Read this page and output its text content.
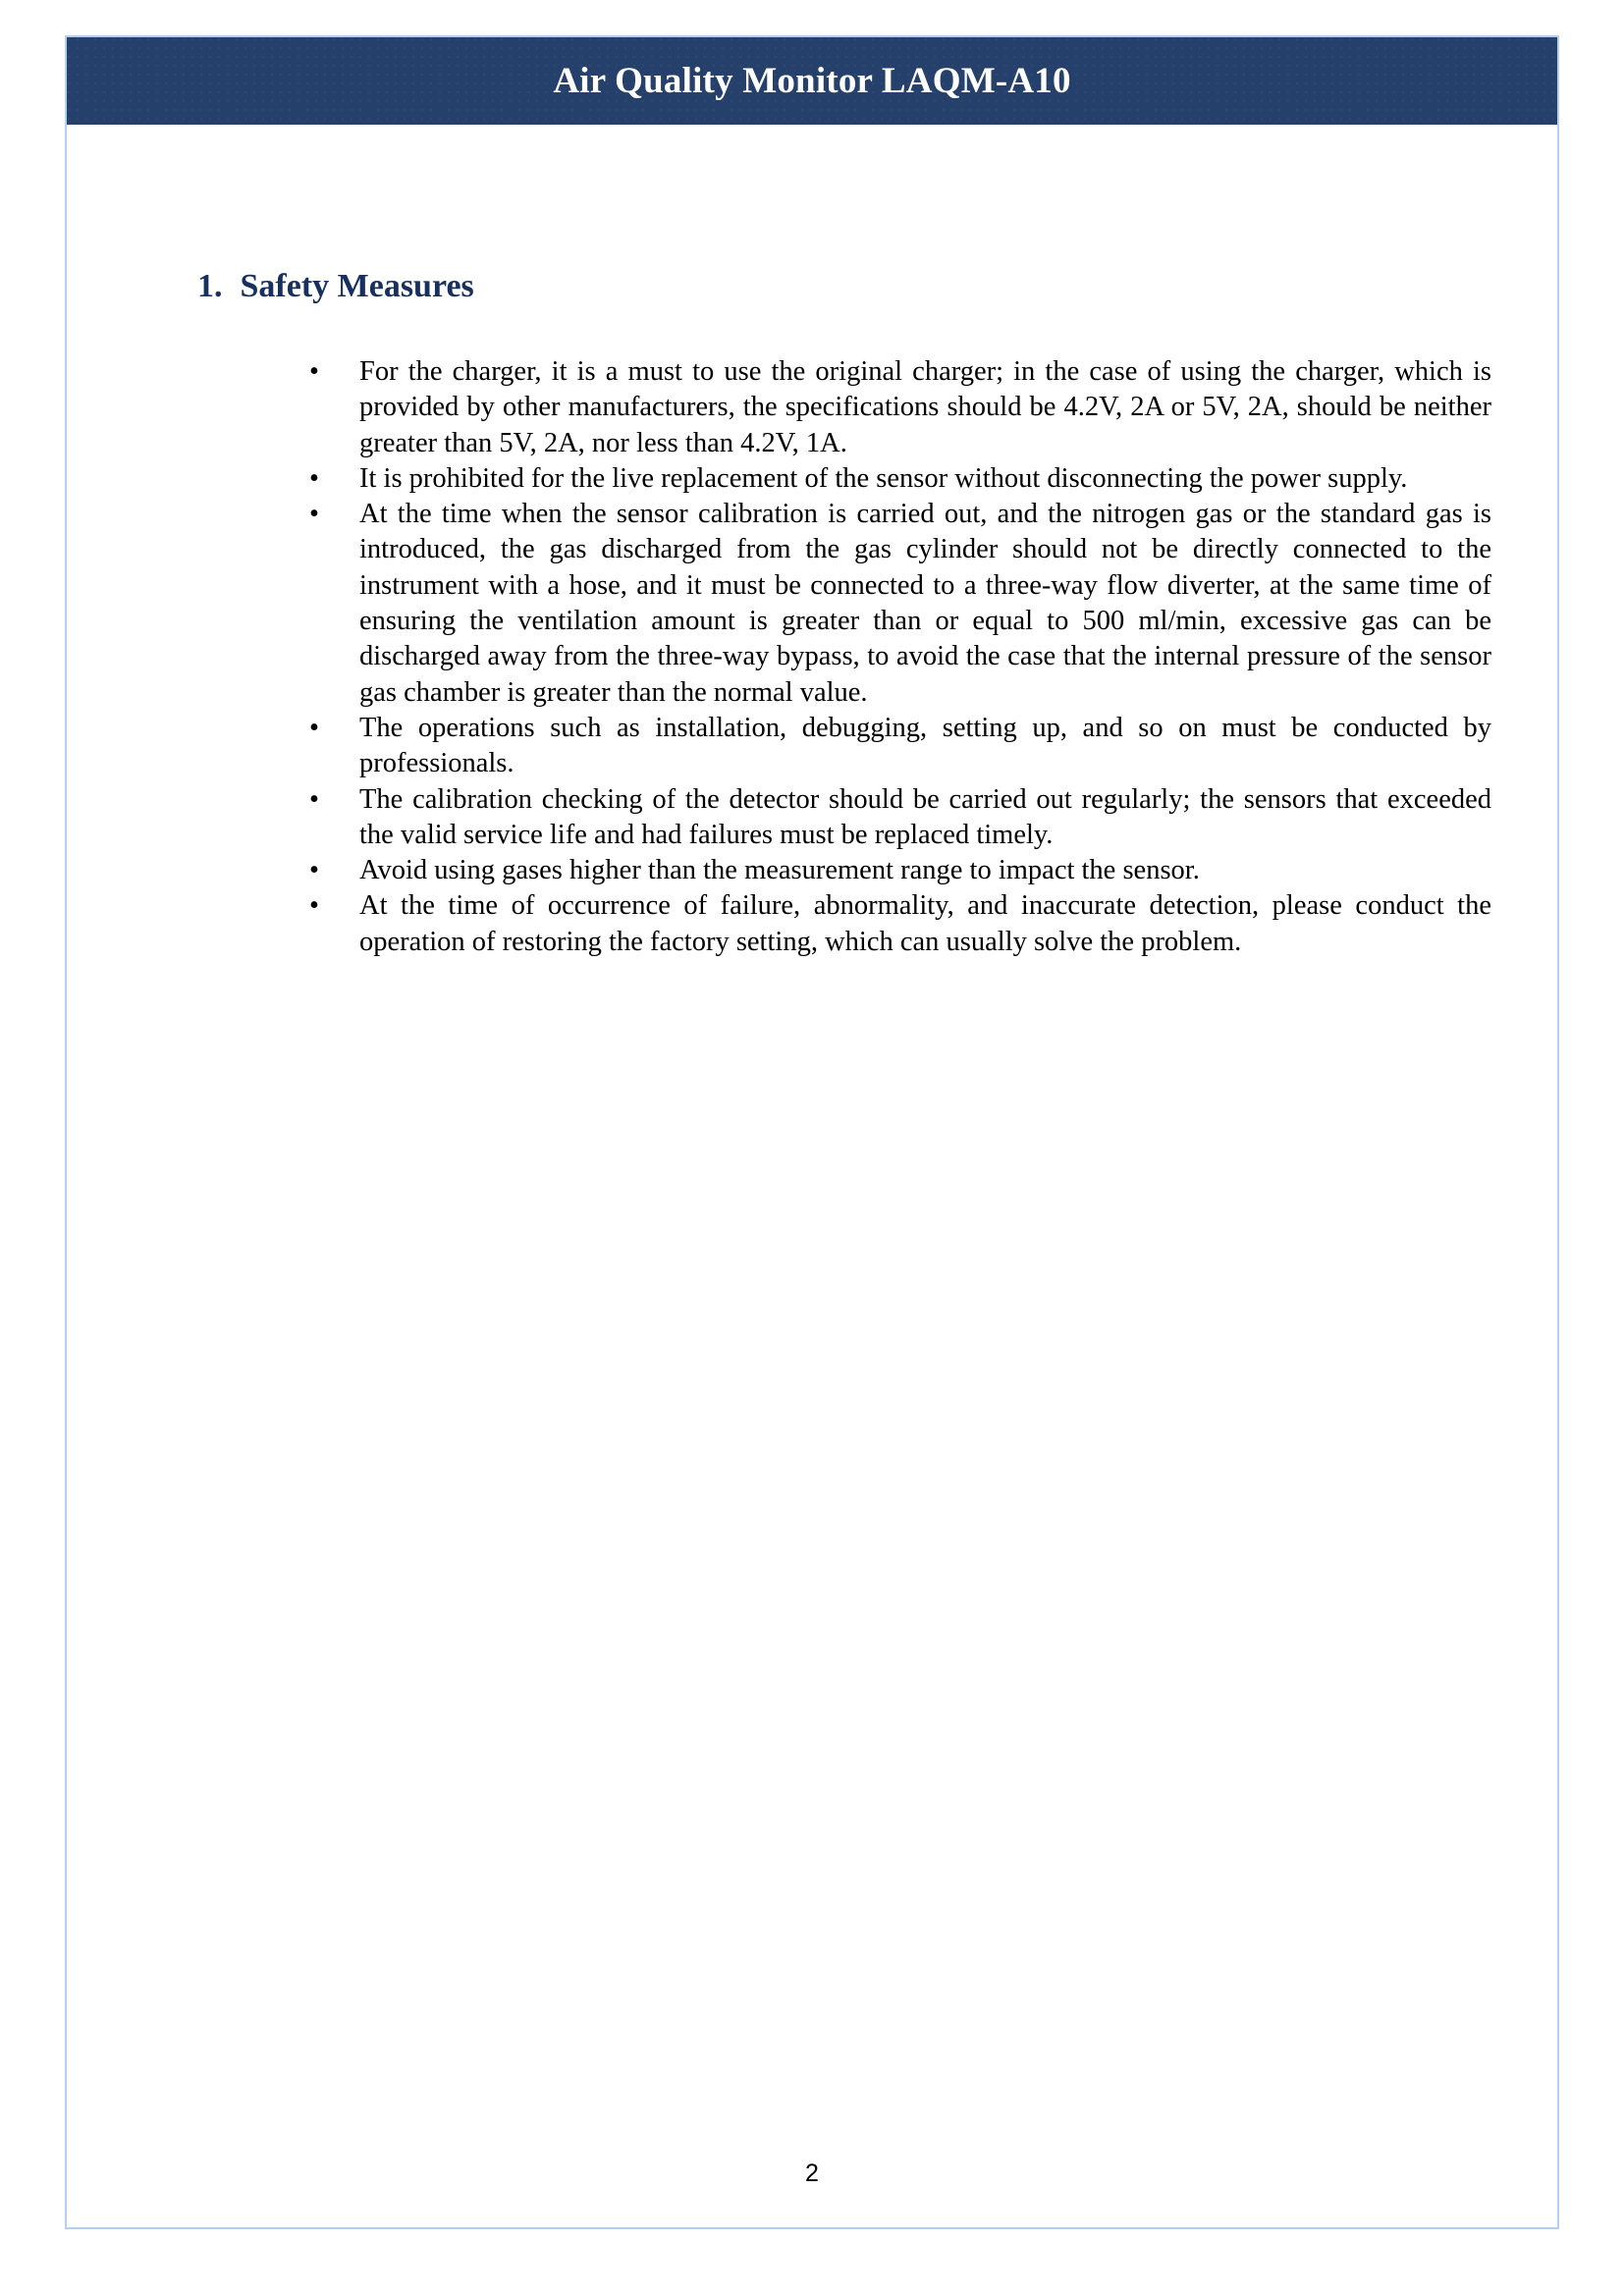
Air Quality Monitor LAQM-A10
1. Safety Measures
• For the charger, it is a must to use the original charger; in the case of using the charger, which is provided by other manufacturers, the specifications should be 4.2V, 2A or 5V, 2A, should be neither greater than 5V, 2A, nor less than 4.2V, 1A.
• It is prohibited for the live replacement of the sensor without disconnecting the power supply.
• At the time when the sensor calibration is carried out, and the nitrogen gas or the standard gas is introduced, the gas discharged from the gas cylinder should not be directly connected to the instrument with a hose, and it must be connected to a three-way flow diverter, at the same time of ensuring the ventilation amount is greater than or equal to 500 ml/min, excessive gas can be discharged away from the three-way bypass, to avoid the case that the internal pressure of the sensor gas chamber is greater than the normal value.
• The operations such as installation, debugging, setting up, and so on must be conducted by professionals.
• The calibration checking of the detector should be carried out regularly; the sensors that exceeded the valid service life and had failures must be replaced timely.
• Avoid using gases higher than the measurement range to impact the sensor.
• At the time of occurrence of failure, abnormality, and inaccurate detection, please conduct the operation of restoring the factory setting, which can usually solve the problem.
2
